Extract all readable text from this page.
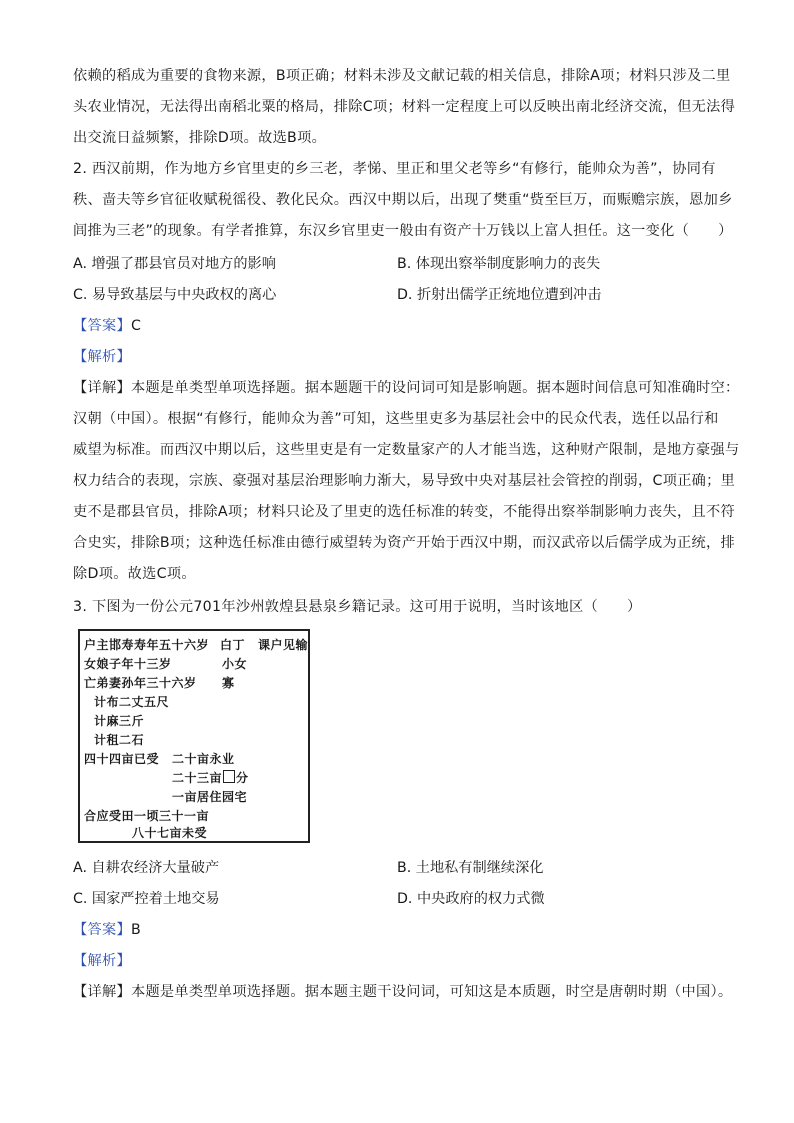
依赖的稻成为重要的食物来源，B项正确；材料未涉及文献记载的相关信息，排除A项；材料只涉及二里
头农业情况，无法得出南稻北粟的格局，排除C项；材料一定程度上可以反映出南北经济交流，但无法得
出交流日益频繁，排除D项。故选B项。
2. 西汉前期，作为地方乡官里吏的乡三老，孝悌、里正和里父老等乡“有修行，能帅众为善”，协同有
秩、啬夫等乡官征收赋税徭役、教化民众。西汉中期以后，出现了樊重“赀至巨万，而赈赡宗族，恩加乡
闾推为三老”的现象。有学者推算，东汉乡官里吏一般由有资产十万钱以上富人担任。这一变化（　　）
A. 增强了郡县官员对地方的影响	B. 体现出察举制度影响力的丧失
C. 易导致基层与中央政权的离心	D. 折射出儒学正统地位遭到冲击
【答案】C
【解析】
【详解】本题是单类型单项选择题。据本题题干的设问词可知是影响题。据本题时间信息可知准确时空：
汉朝（中国）。根据“有修行，能帅众为善”可知，这些里吏多为基层社会中的民众代表，选任以品行和
威望为标准。而西汉中期以后，这些里吏是有一定数量家产的人才能当选，这种财产限制，是地方豪强与
权力结合的表现，宗族、豪强对基层治理影响力渐大，易导致中央对基层社会管控的削弱，C项正确；里
吏不是郡县官员，排除A项；材料只论及了里吏的选任标准的转变，不能得出察举制影响力丧失，且不符
合史实，排除B项；这种选任标准由德行威望转为资产开始于西汉中期，而汉武帝以后儒学成为正统，排
除D项。故选C项。
3. 下图为一份公元701年沙州敦煌县悬泉乡籍记录。这可用于说明，当时该地区（　　）
户主邯寿寿年五十六岁 白丁 课户见输
女娘子年十三岁	小女
亡弟妻孙年三十六岁 寡
计布二丈五尺
计麻三斤
计租二石
四十四亩已受 二十亩永业
二十三亩 分
一亩居住园宅
合应受田一顷三十一亩
八十七亩未受
A. 自耕农经济大量破产	B. 土地私有制继续深化
C. 国家严控着土地交易	D. 中央政府的权力式微
【答案】B
【解析】
【详解】本题是单类型单项选择题。据本题主题干设问词，可知这是本质题，时空是唐朝时期（中国）。
